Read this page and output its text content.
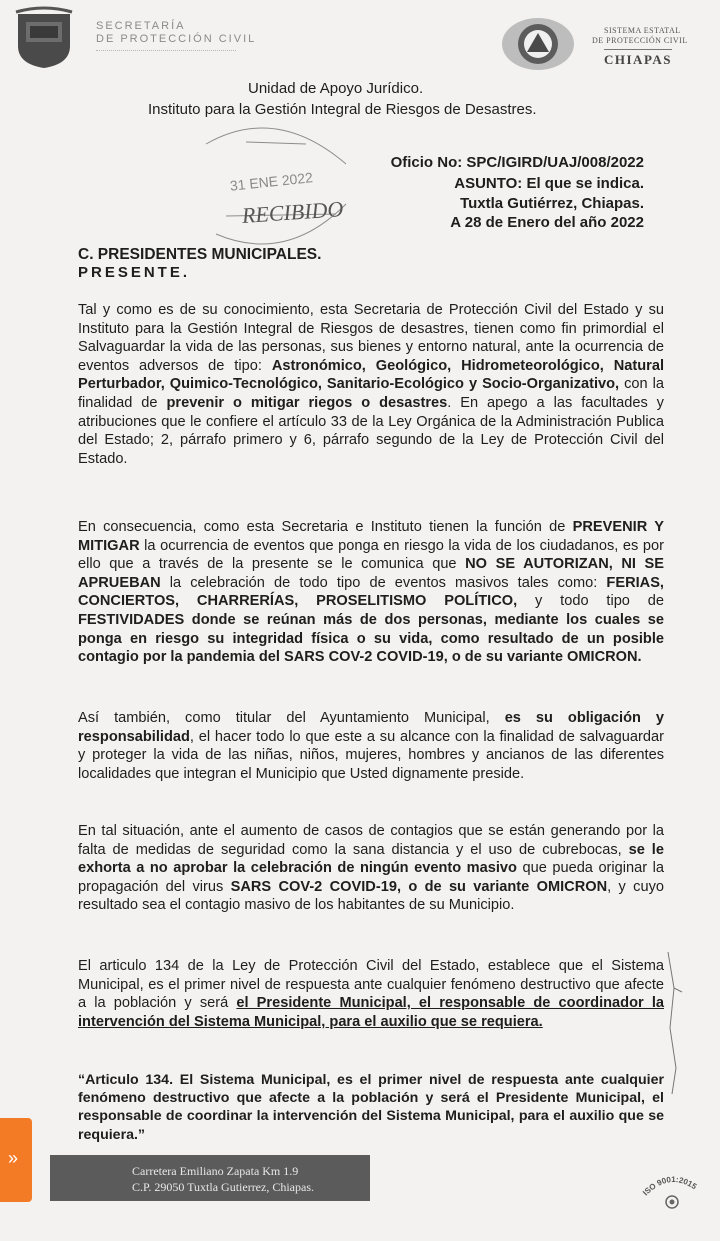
SECRETARÍA
DE PROTECCIÓN CIVIL
SISTEMA ESTATAL
DE PROTECCIÓN CIVIL
CHIAPAS
Unidad de Apoyo Jurídico.
Instituto para la Gestión Integral de Riesgos de Desastres.
31 ENE 2022
RECIBIDO
Oficio No: SPC/IGIRD/UAJ/008/2022
ASUNTO: El que se indica.
Tuxtla Gutiérrez, Chiapas.
A 28 de Enero del año 2022
C. PRESIDENTES MUNICIPALES.
PRESENTE.
Tal y como es de su conocimiento, esta Secretaria de Protección Civil del Estado y su Instituto para la Gestión Integral de Riesgos de desastres, tienen como fin primordial el Salvaguardar la vida de las personas, sus bienes y entorno natural, ante la ocurrencia de eventos adversos de tipo: Astronómico, Geológico, Hidrometeorológico, Natural Perturbador, Quimico-Tecnológico, Sanitario-Ecológico y Socio-Organizativo, con la finalidad de prevenir o mitigar riegos o desastres. En apego a las facultades y atribuciones que le confiere el artículo 33 de la Ley Orgánica de la Administración Publica del Estado; 2, párrafo primero y 6, párrafo segundo de la Ley de Protección Civil del Estado.
En consecuencia, como esta Secretaria e Instituto tienen la función de PREVENIR Y MITIGAR la ocurrencia de eventos que ponga en riesgo la vida de los ciudadanos, es por ello que a través de la presente se le comunica que NO SE AUTORIZAN, NI SE APRUEBAN la celebración de todo tipo de eventos masivos tales como: FERIAS, CONCIERTOS, CHARRERÍAS, PROSELITISMO POLÍTICO, y todo tipo de FESTIVIDADES donde se reúnan más de dos personas, mediante los cuales se ponga en riesgo su integridad física o su vida, como resultado de un posible contagio por la pandemia del SARS COV-2 COVID-19, o de su variante OMICRON.
Así también, como titular del Ayuntamiento Municipal, es su obligación y responsabilidad, el hacer todo lo que este a su alcance con la finalidad de salvaguardar y proteger la vida de las niñas, niños, mujeres, hombres y ancianos de las diferentes localidades que integran el Municipio que Usted dignamente preside.
En tal situación, ante el aumento de casos de contagios que se están generando por la falta de medidas de seguridad como la sana distancia y el uso de cubrebocas, se le exhorta a no aprobar la celebración de ningún evento masivo que pueda originar la propagación del virus SARS COV-2 COVID-19, o de su variante OMICRON, y cuyo resultado sea el contagio masivo de los habitantes de su Municipio.
El articulo 134 de la Ley de Protección Civil del Estado, establece que el Sistema Municipal, es el primer nivel de respuesta ante cualquier fenómeno destructivo que afecte a la población y será el Presidente Municipal, el responsable de coordinador la intervención del Sistema Municipal, para el auxilio que se requiera.
“Articulo 134. El Sistema Municipal, es el primer nivel de respuesta ante cualquier fenómeno destructivo que afecte a la población y será el Presidente Municipal, el responsable de coordinar la intervención del Sistema Municipal, para el auxilio que se requiera.”
»
Carretera Emiliano Zapata Km 1.9
C.P. 29050 Tuxtla Gutierrez, Chiapas.	ISO 9001:2015
